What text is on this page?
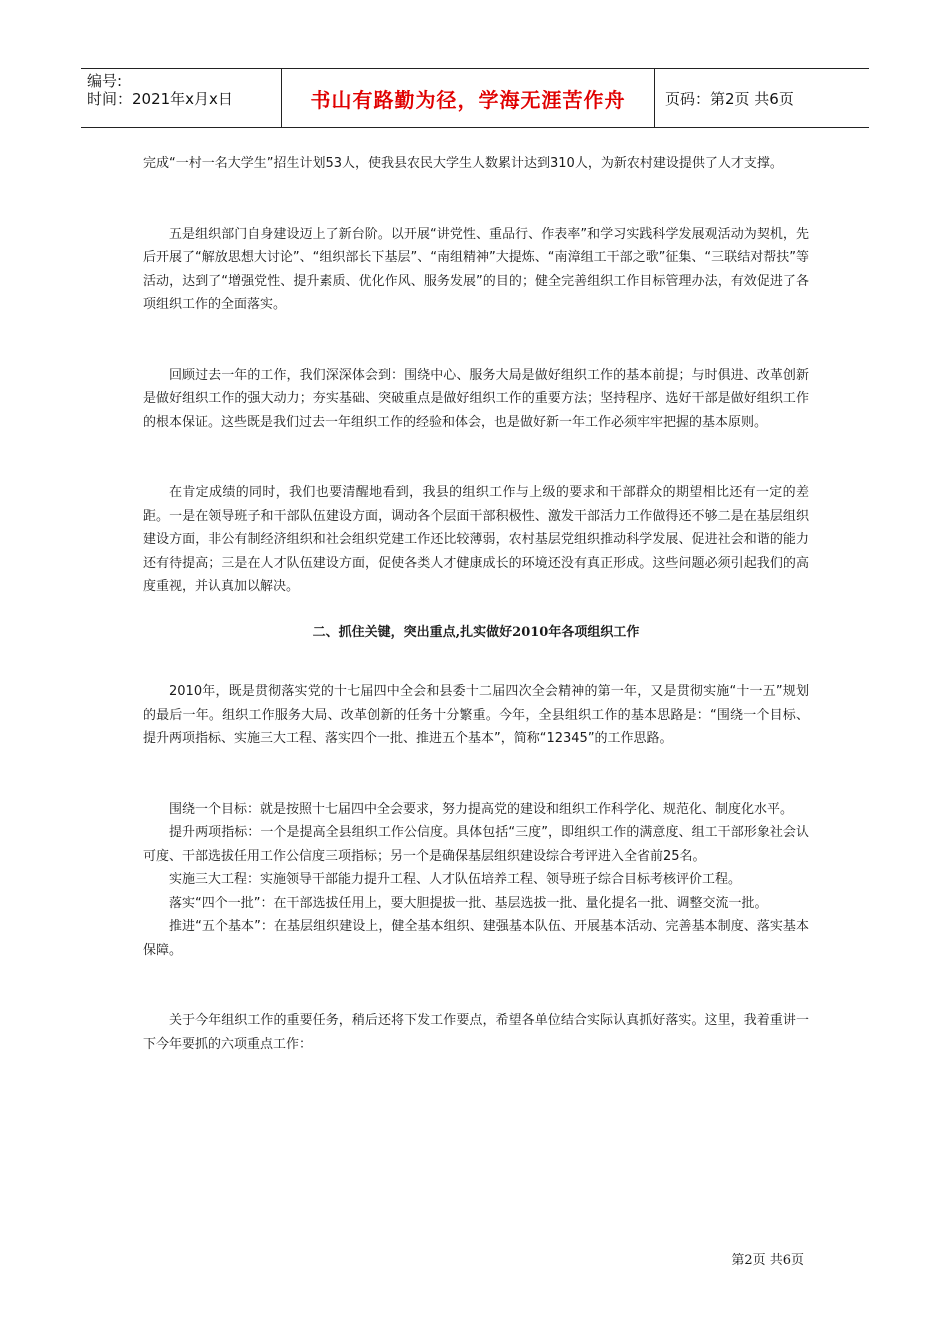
编号:
时间：2021年x月x日	书山有路勤为径，学海无涯苦作舟	页码：第2页 共6页

完成“一村一名大学生”招生计划53人，使我县农民大学生人数累计达到310人，为新农村建设提供了人才支撑。

五是组织部门自身建设迈上了新台阶。以开展“讲党性、重品行、作表率”和学习实践科学发展观活动为契机，先后开展了“解放思想大讨论”、“组织部长下基层”、“南组精神”大提炼、“南漳组工干部之歌”征集、“三联结对帮扶”等活动，达到了“增强党性、提升素质、优化作风、服务发展”的目的；健全完善组织工作目标管理办法，有效促进了各项组织工作的全面落实。

回顾过去一年的工作，我们深深体会到：围绕中心、服务大局是做好组织工作的基本前提；与时俱进、改革创新是做好组织工作的强大动力；夯实基础、突破重点是做好组织工作的重要方法；坚持程序、选好干部是做好组织工作的根本保证。这些既是我们过去一年组织工作的经验和体会，也是做好新一年工作必须牢牢把握的基本原则。

在肯定成绩的同时，我们也要清醒地看到，我县的组织工作与上级的要求和干部群众的期望相比还有一定的差距。一是在领导班子和干部队伍建设方面，调动各个层面干部积极性、激发干部活力工作做得还不够二是在基层组织建设方面，非公有制经济组织和社会组织党建工作还比较薄弱，农村基层党组织推动科学发展、促进社会和谐的能力还有待提高；三是在人才队伍建设方面，促使各类人才健康成长的环境还没有真正形成。这些问题必须引起我们的高度重视，并认真加以解决。

二、抓住关键，突出重点,扎实做好2010年各项组织工作

2010年，既是贯彻落实党的十七届四中全会和县委十二届四次全会精神的第一年，又是贯彻实施“十一五”规划的最后一年。组织工作服务大局、改革创新的任务十分繁重。今年，全县组织工作的基本思路是：“围绕一个目标、提升两项指标、实施三大工程、落实四个一批、推进五个基本”，简称“12345”的工作思路。

围绕一个目标：就是按照十七届四中全会要求，努力提高党的建设和组织工作科学化、规范化、制度化水平。

提升两项指标：一个是提高全县组织工作公信度。具体包括“三度”，即组织工作的满意度、组工干部形象社会认可度、干部选拔任用工作公信度三项指标；另一个是确保基层组织建设综合考评进入全省前25名。

实施三大工程：实施领导干部能力提升工程、人才队伍培养工程、领导班子综合目标考核评价工程。

落实“四个一批”：在干部选拔任用上，要大胆提拔一批、基层选拔一批、量化提名一批、调整交流一批。

推进“五个基本”：在基层组织建设上，健全基本组织、建强基本队伍、开展基本活动、完善基本制度、落实基本保障。

关于今年组织工作的重要任务，稍后还将下发工作要点，希望各单位结合实际认真抓好落实。这里，我着重讲一下今年要抓的六项重点工作：

第2页 共6页
